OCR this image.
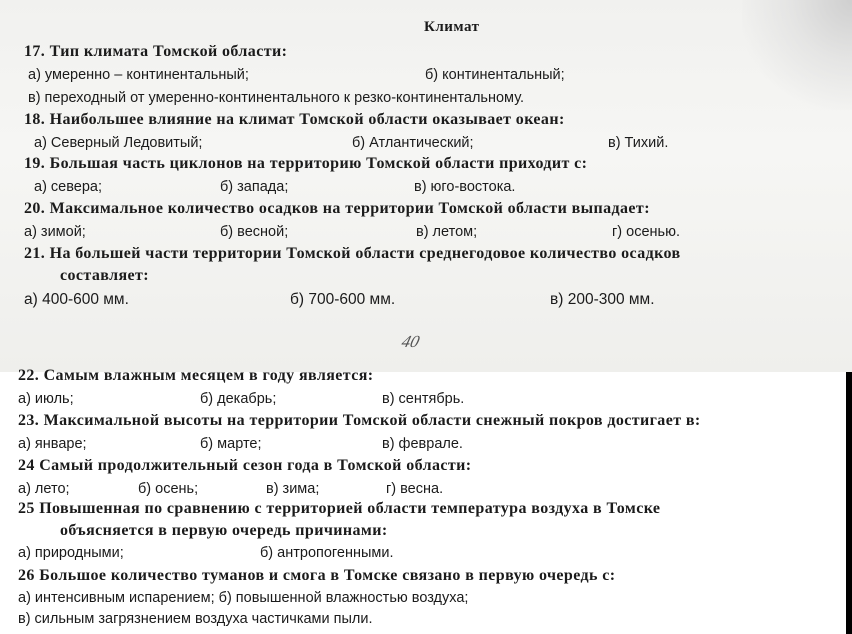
Климат
17. Тип климата Томской области:
а) умеренно – континентальный;	б) континентальный;
в) переходный от умеренно-континентального к резко-континентальному.
18. Наибольшее влияние на климат Томской области оказывает океан:
а) Северный Ледовитый;	б) Атлантический;	в) Тихий.
19. Большая часть циклонов на территорию Томской области приходит с:
а) севера;	б) запада;	в) юго-востока.
20. Максимальное количество осадков на территории Томской области выпадает:
а) зимой;	б) весной;	в) летом;	г) осенью.
21. На большей части территории Томской области среднегодовое количество осадков
составляет:
а) 400-600 мм.	б) 700-600 мм.	в) 200-300 мм.
40
22. Самым влажным месяцем в году является:
а) июль;	б) декабрь;	в) сентябрь.
23. Максимальной высоты на территории Томской области снежный покров достигает в:
а) январе;	б) марте;	в) феврале.
24 Самый продолжительный сезон года в Томской области:
а) лето;	б) осень;	в) зима;	г) весна.
25 Повышенная по сравнению с территорией области температура воздуха в Томске
объясняется в первую очередь причинами:
а) природными;	б) антропогенными.
26 Большое количество туманов и смога в Томске связано в первую очередь с:
а) интенсивным испарением; б) повышенной влажностью воздуха;
в) сильным загрязнением воздуха частичками пыли.
